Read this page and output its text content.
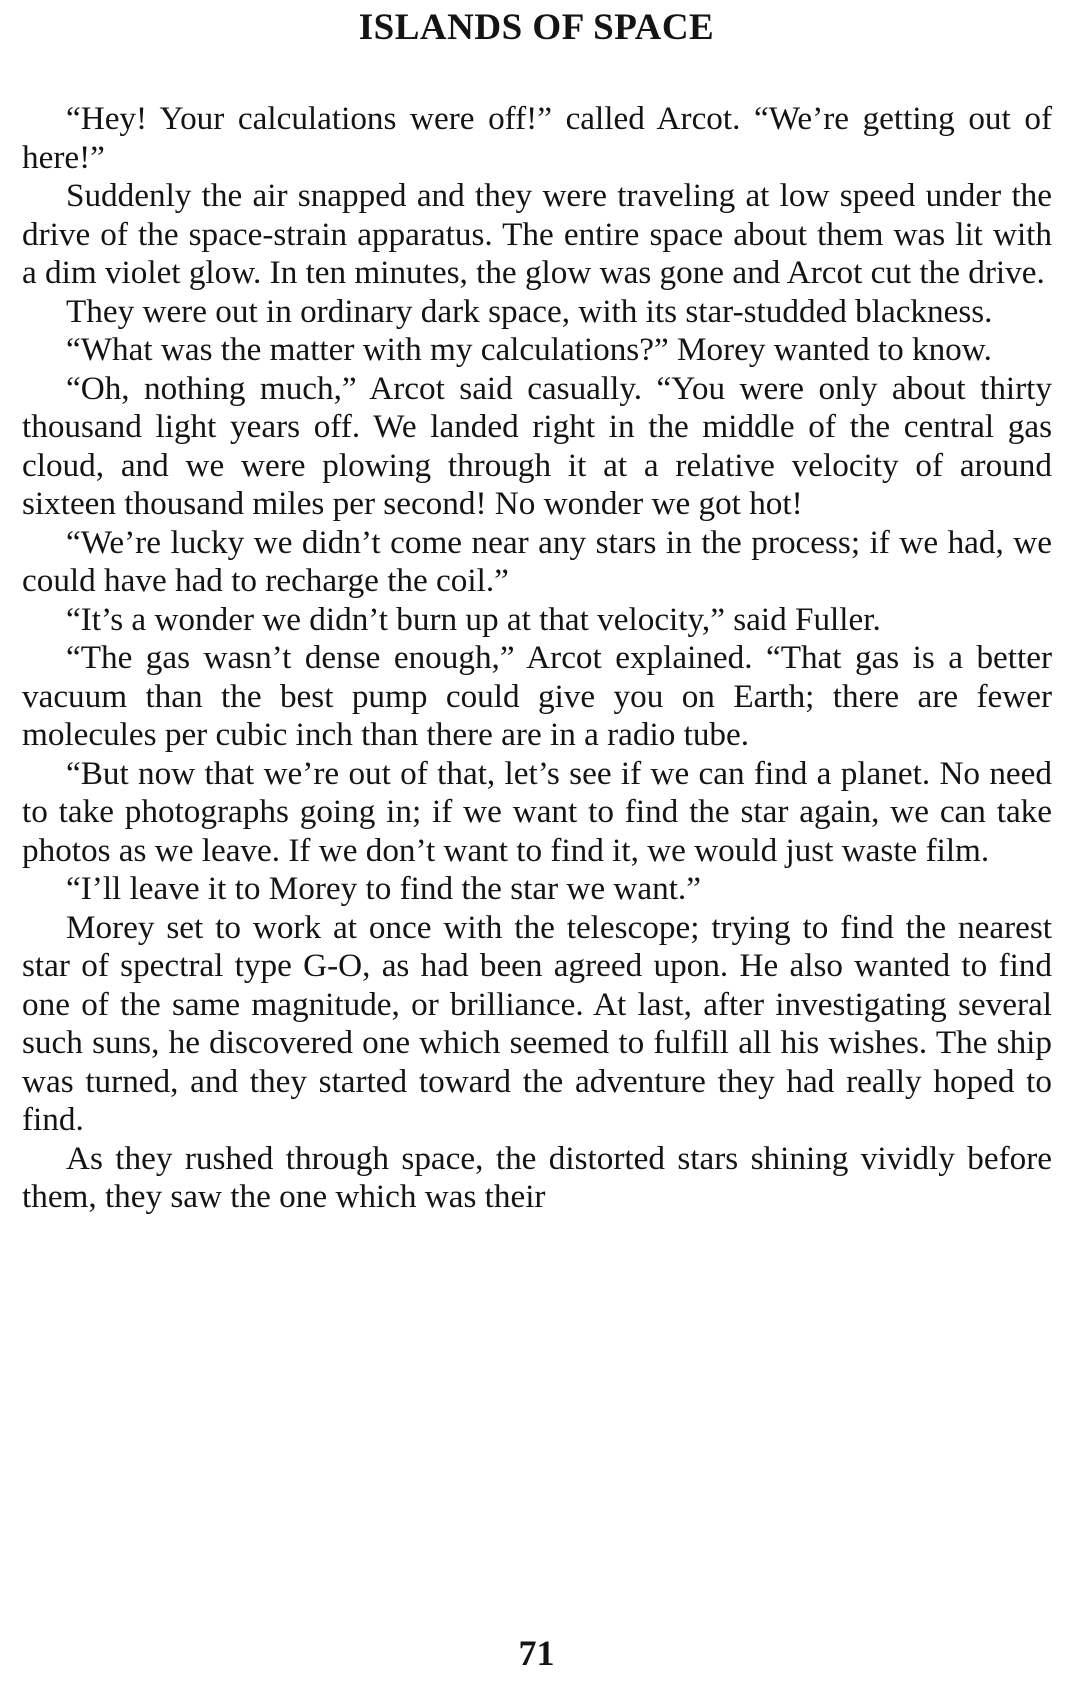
ISLANDS OF SPACE

“Hey! Your calculations were off!” called Arcot. “We’re getting out of here!”

Suddenly the air snapped and they were traveling at low speed under the drive of the space-strain apparatus. The entire space about them was lit with a dim violet glow. In ten minutes, the glow was gone and Arcot cut the drive.

They were out in ordinary dark space, with its star-studded blackness.

“What was the matter with my calculations?” Morey wanted to know.

“Oh, nothing much,” Arcot said casually. “You were only about thirty thousand light years off. We landed right in the middle of the central gas cloud, and we were plowing through it at a relative velocity of around sixteen thousand miles per second! No wonder we got hot!

“We’re lucky we didn’t come near any stars in the process; if we had, we could have had to recharge the coil.”

“It’s a wonder we didn’t burn up at that velocity,” said Fuller.

“The gas wasn’t dense enough,” Arcot explained. “That gas is a better vacuum than the best pump could give you on Earth; there are fewer molecules per cubic inch than there are in a radio tube.

“But now that we’re out of that, let’s see if we can find a planet. No need to take photographs going in; if we want to find the star again, we can take photos as we leave. If we don’t want to find it, we would just waste film.

“I’ll leave it to Morey to find the star we want.”

Morey set to work at once with the telescope; trying to find the nearest star of spectral type G-O, as had been agreed upon. He also wanted to find one of the same magnitude, or brilliance. At last, after investigating several such suns, he discovered one which seemed to fulfill all his wishes. The ship was turned, and they started toward the adventure they had really hoped to find.

As they rushed through space, the distorted stars shining vividly before them, they saw the one which was their

71
